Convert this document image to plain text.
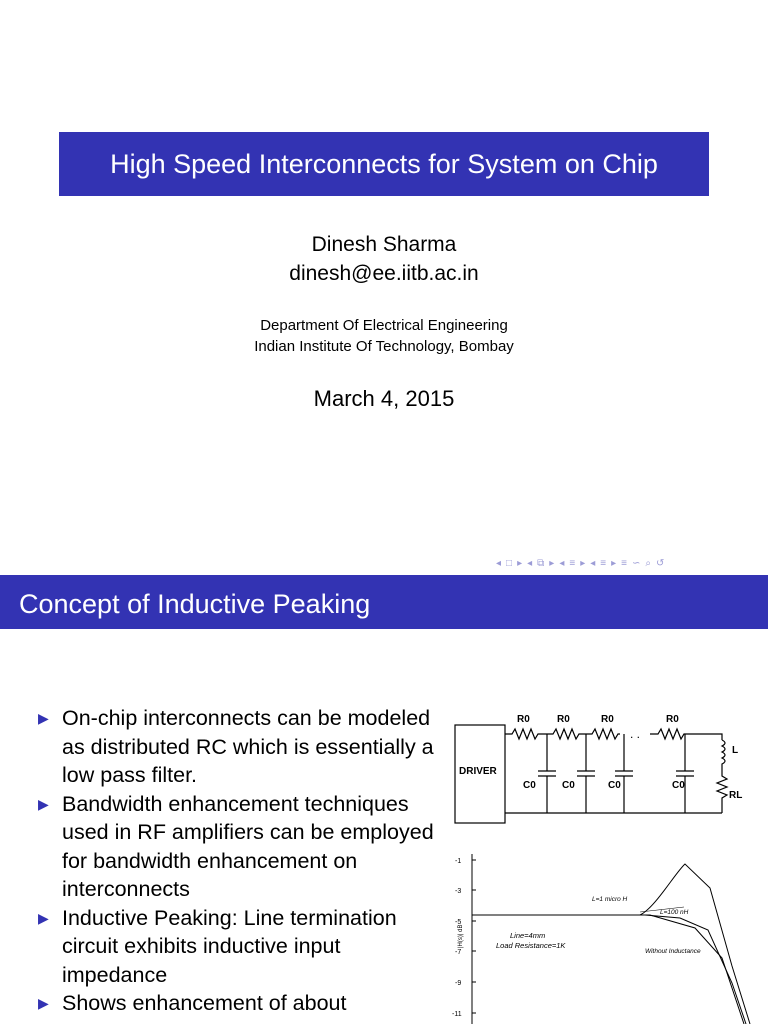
High Speed Interconnects for System on Chip
Dinesh Sharma
dinesh@ee.iitb.ac.in
Department Of Electrical Engineering
Indian Institute Of Technology, Bombay
March 4, 2015
◂ □ ▸ ◂ ⧉ ▸ ◂ ≡ ▸ ◂ ≡ ▸ ≡ ∽ ⌕ ↺
Concept of Inductive Peaking
▶ On-chip interconnects can be modeled as distributed RC which is essentially a low pass filter.
▶ Bandwidth enhancement techniques used in RF amplifiers can be employed for bandwidth enhancement on interconnects
▶ Inductive Peaking: Line termination circuit exhibits inductive input impedance
▶ Shows enhancement of about
DRIVER
R0	R0	R0	R0
C0	C0	C0	C0
. .
L
RL
-1
-3
-5
-7
-9
-11
|H(s)| dB
L=1 micro H
L=100 nH
Without Inductance
Line=4mm
Load Resistance=1K
